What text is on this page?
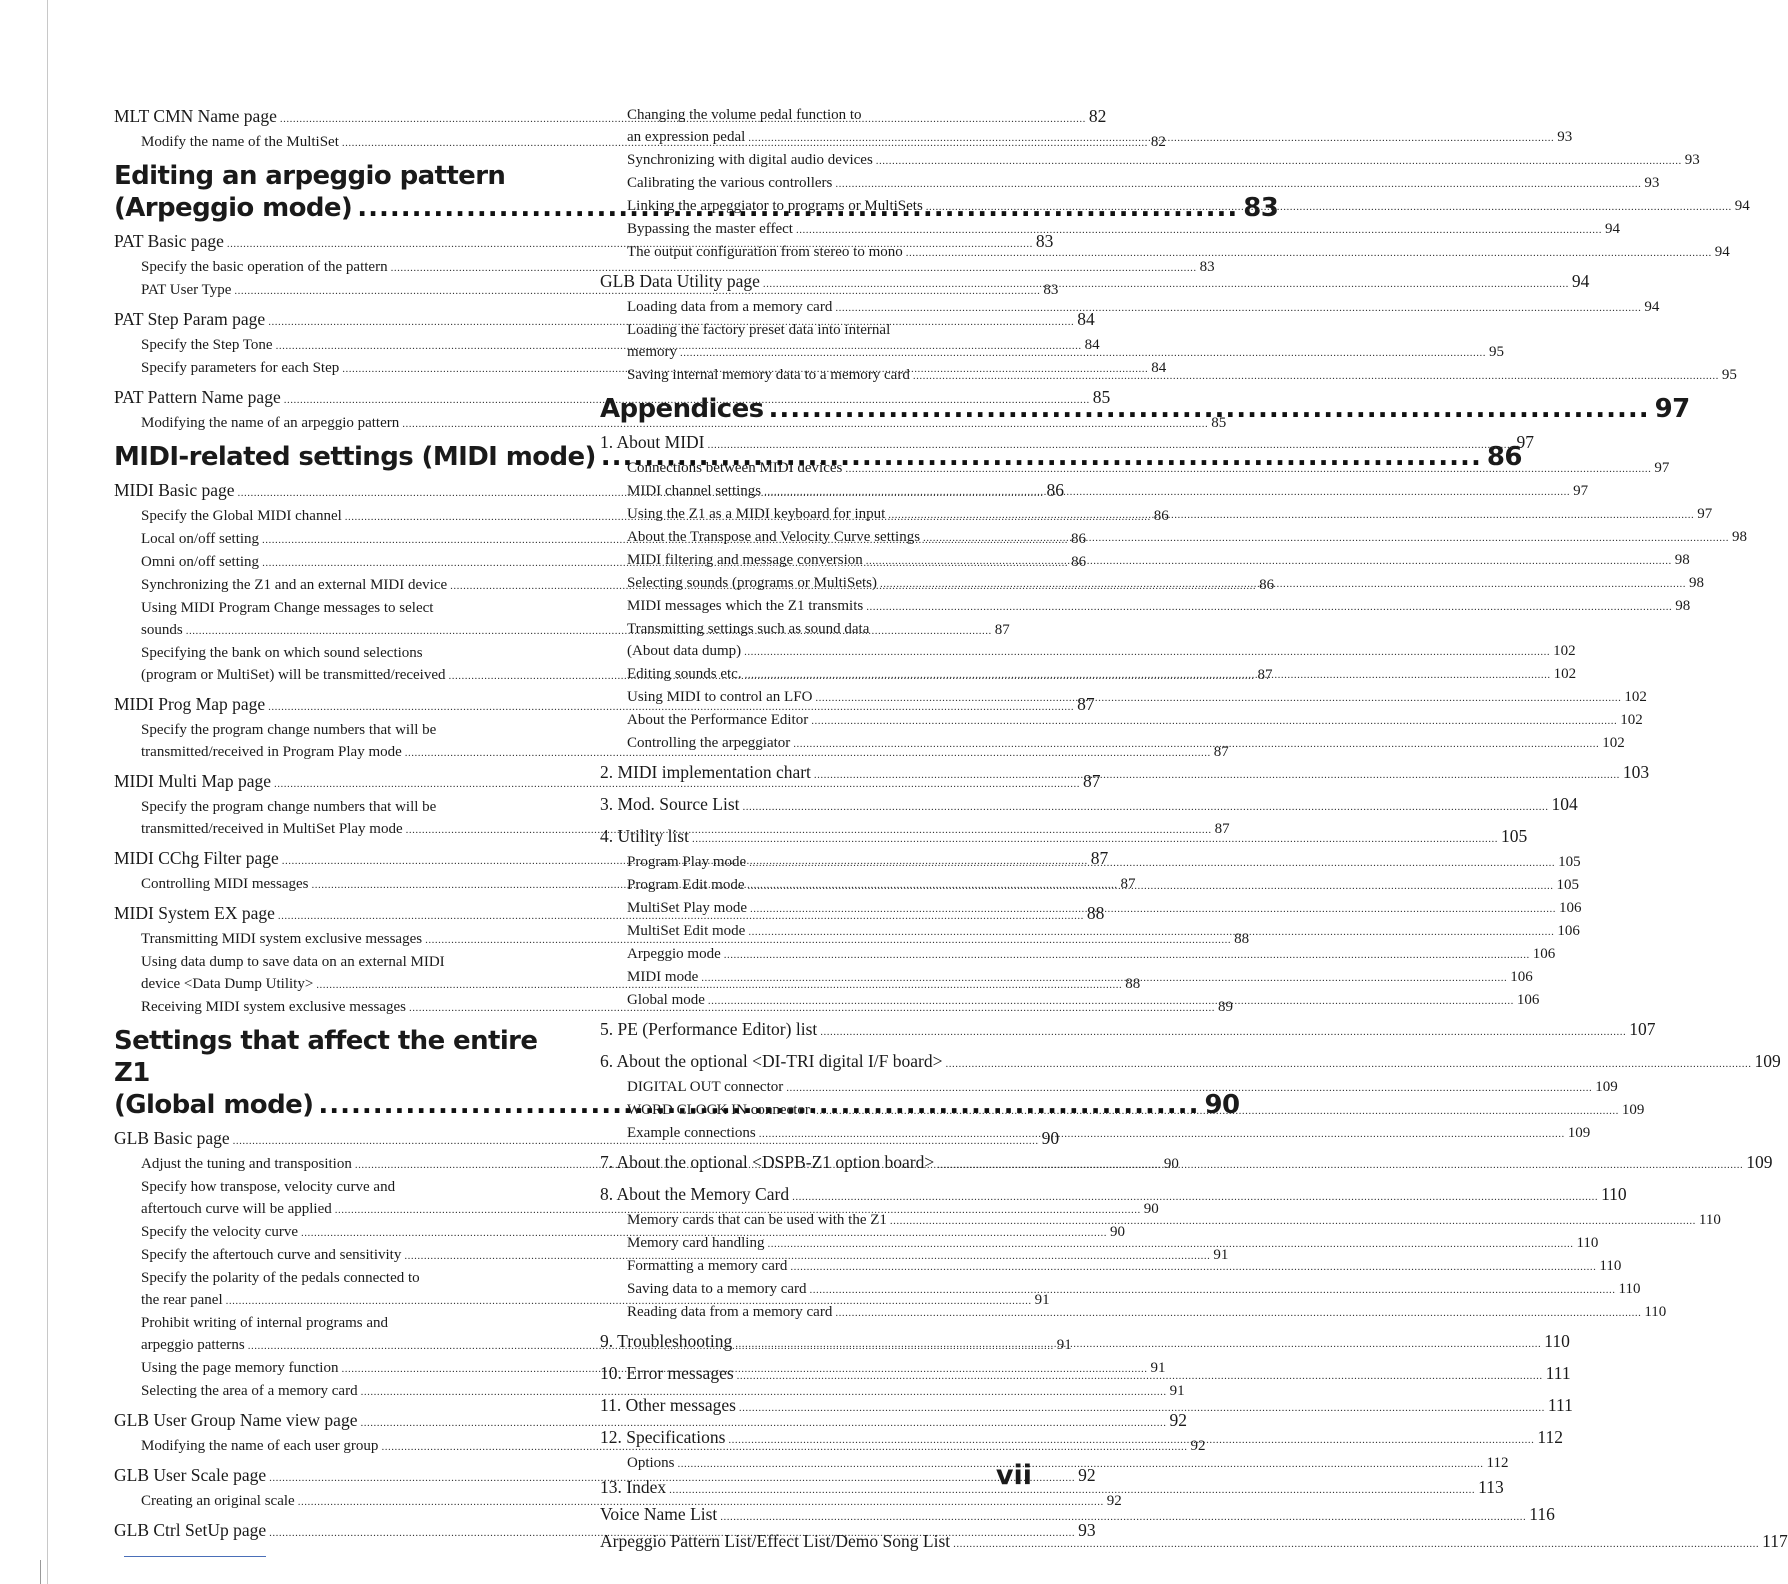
MLT CMN Name page .....	82
Modify the name of the MultiSet .....	82
Editing an arpeggio pattern
(Arpeggio mode) .....	83
PAT Basic page .....	83
Specify the basic operation of the pattern .....	83
PAT User Type .....	83
PAT Step Param page .....	84
Specify the Step Tone .....	84
Specify parameters for each Step .....	84
PAT Pattern Name page .....	85
Modifying the name of an arpeggio pattern .....	85
MIDI-related settings (MIDI mode) .....	86
MIDI Basic page .....	86
Specify the Global MIDI channel .....	86
Local on/off setting .....	86
Omni on/off setting .....	86
Synchronizing the Z1 and an external MIDI device .....	86
Using MIDI Program Change messages to select
sounds .....	87
Specifying the bank on which sound selections
(program or MultiSet) will be transmitted/received .....	87
MIDI Prog Map page .....	87
Specify the program change numbers that will be
transmitted/received in Program Play mode .....	87
MIDI Multi Map page .....	87
Specify the program change numbers that will be
transmitted/received in MultiSet Play mode .....	87
MIDI CChg Filter page .....	87
Controlling MIDI messages .....	87
MIDI System EX page .....	88
Transmitting MIDI system exclusive messages .....	88
Using data dump to save data on an external MIDI
device <Data Dump Utility> .....	88
Receiving MIDI system exclusive messages .....	89
Settings that affect the entire Z1
(Global mode) .....	90
GLB Basic page .....	90
Adjust the tuning and transposition .....	90
Specify how transpose, velocity curve and
aftertouch curve will be applied .....	90
Specify the velocity curve .....	90
Specify the aftertouch curve and sensitivity .....	91
Specify the polarity of the pedals connected to
the rear panel .....	91
Prohibit writing of internal programs and
arpeggio patterns .....	91
Using the page memory function .....	91
Selecting the area of a memory card .....	91
GLB User Group Name view page .....	92
Modifying the name of each user group .....	92
GLB User Scale page .....	92
Creating an original scale .....	92
GLB Ctrl SetUp page .....	93
Changing the volume pedal function to
an expression pedal .....	93
Synchronizing with digital audio devices .....	93
Calibrating the various controllers .....	93
Linking the arpeggiator to programs or MultiSets .....	94
Bypassing the master effect .....	94
The output configuration from stereo to mono .....	94
GLB Data Utility page .....	94
Loading data from a memory card .....	94
Loading the factory preset data into internal
memory .....	95
Saving internal memory data to a memory card .....	95
Appendices .....	97
1. About MIDI .....	97
Connections between MIDI devices .....	97
MIDI channel settings .....	97
Using the Z1 as a MIDI keyboard for input .....	97
About the Transpose and Velocity Curve settings .....	98
MIDI filtering and message conversion .....	98
Selecting sounds (programs or MultiSets) .....	98
MIDI messages which the Z1 transmits .....	98
Transmitting settings such as sound data
(About data dump) .....	102
Editing sounds etc. .....	102
Using MIDI to control an LFO .....	102
About the Performance Editor .....	102
Controlling the arpeggiator .....	102
2. MIDI implementation chart .....	103
3. Mod. Source List .....	104
4. Utility list .....	105
Program Play mode .....	105
Program Edit mode .....	105
MultiSet Play mode .....	106
MultiSet Edit mode .....	106
Arpeggio mode .....	106
MIDI mode .....	106
Global mode .....	106
5. PE (Performance Editor) list .....	107
6. About the optional <DI-TRI digital I/F board> .....	109
DIGITAL OUT connector .....	109
WORD CLOCK IN connector .....	109
Example connections .....	109
7. About the optional <DSPB-Z1 option board> .....	109
8. About the Memory Card .....	110
Memory cards that can be used with the Z1 .....	110
Memory card handling .....	110
Formatting a memory card .....	110
Saving data to a memory card .....	110
Reading data from a memory card .....	110
9. Troubleshooting .....	110
10. Error messages .....	111
11. Other messages .....	111
12. Specifications .....	112
Options .....	112
13. Index .....	113
Voice Name List .....	116
Arpeggio Pattern List/Effect List/Demo Song List .....	117
vii
